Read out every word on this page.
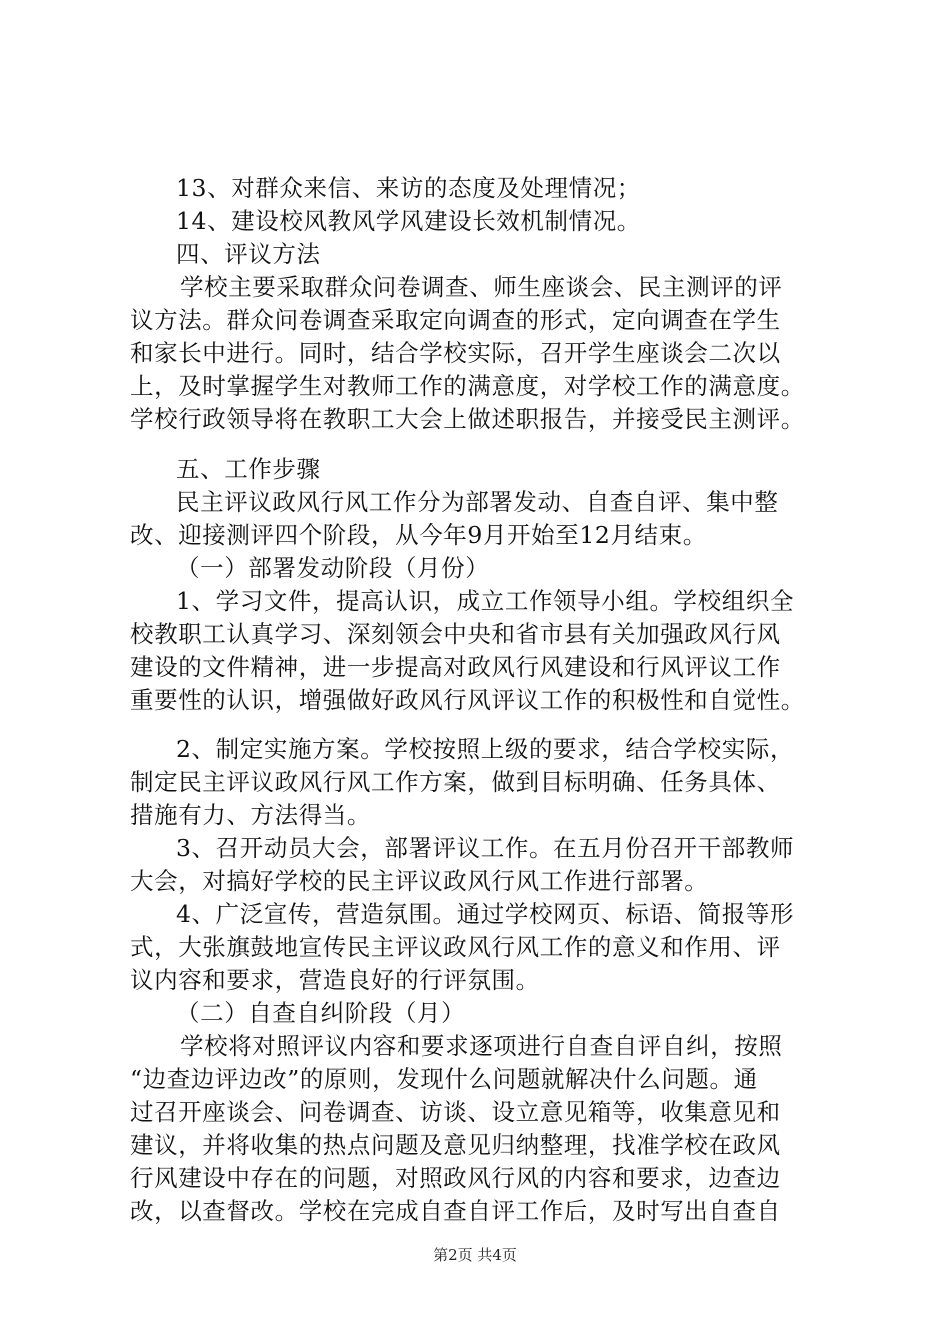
13、对群众来信、来访的态度及处理情况；
14、建设校风教风学风建设长效机制情况。
四、评议方法
学校主要采取群众问卷调查、师生座谈会、民主测评的评
议方法。群众问卷调查采取定向调查的形式，定向调查在学生
和家长中进行。同时，结合学校实际，召开学生座谈会二次以
上，及时掌握学生对教师工作的满意度，对学校工作的满意度。
学校行政领导将在教职工大会上做述职报告，并接受民主测评。
五、工作步骤
民主评议政风行风工作分为部署发动、自查自评、集中整
改、迎接测评四个阶段，从今年9月开始至12月结束。
（一）部署发动阶段（月份）
1、学习文件，提高认识，成立工作领导小组。学校组织全
校教职工认真学习、深刻领会中央和省市县有关加强政风行风
建设的文件精神，进一步提高对政风行风建设和行风评议工作
重要性的认识，增强做好政风行风评议工作的积极性和自觉性。
2、制定实施方案。学校按照上级的要求，结合学校实际，
制定民主评议政风行风工作方案，做到目标明确、任务具体、
措施有力、方法得当。
3、召开动员大会，部署评议工作。在五月份召开干部教师
大会，对搞好学校的民主评议政风行风工作进行部署。
4、广泛宣传，营造氛围。通过学校网页、标语、简报等形
式，大张旗鼓地宣传民主评议政风行风工作的意义和作用、评
议内容和要求，营造良好的行评氛围。
（二）自查自纠阶段（月）
学校将对照评议内容和要求逐项进行自查自评自纠，按照
“边查边评边改”的原则，发现什么问题就解决什么问题。通
过召开座谈会、问卷调查、访谈、设立意见箱等，收集意见和
建议，并将收集的热点问题及意见归纳整理，找准学校在政风
行风建设中存在的问题，对照政风行风的内容和要求，边查边
改，以查督改。学校在完成自查自评工作后，及时写出自查自
第2页 共4页
